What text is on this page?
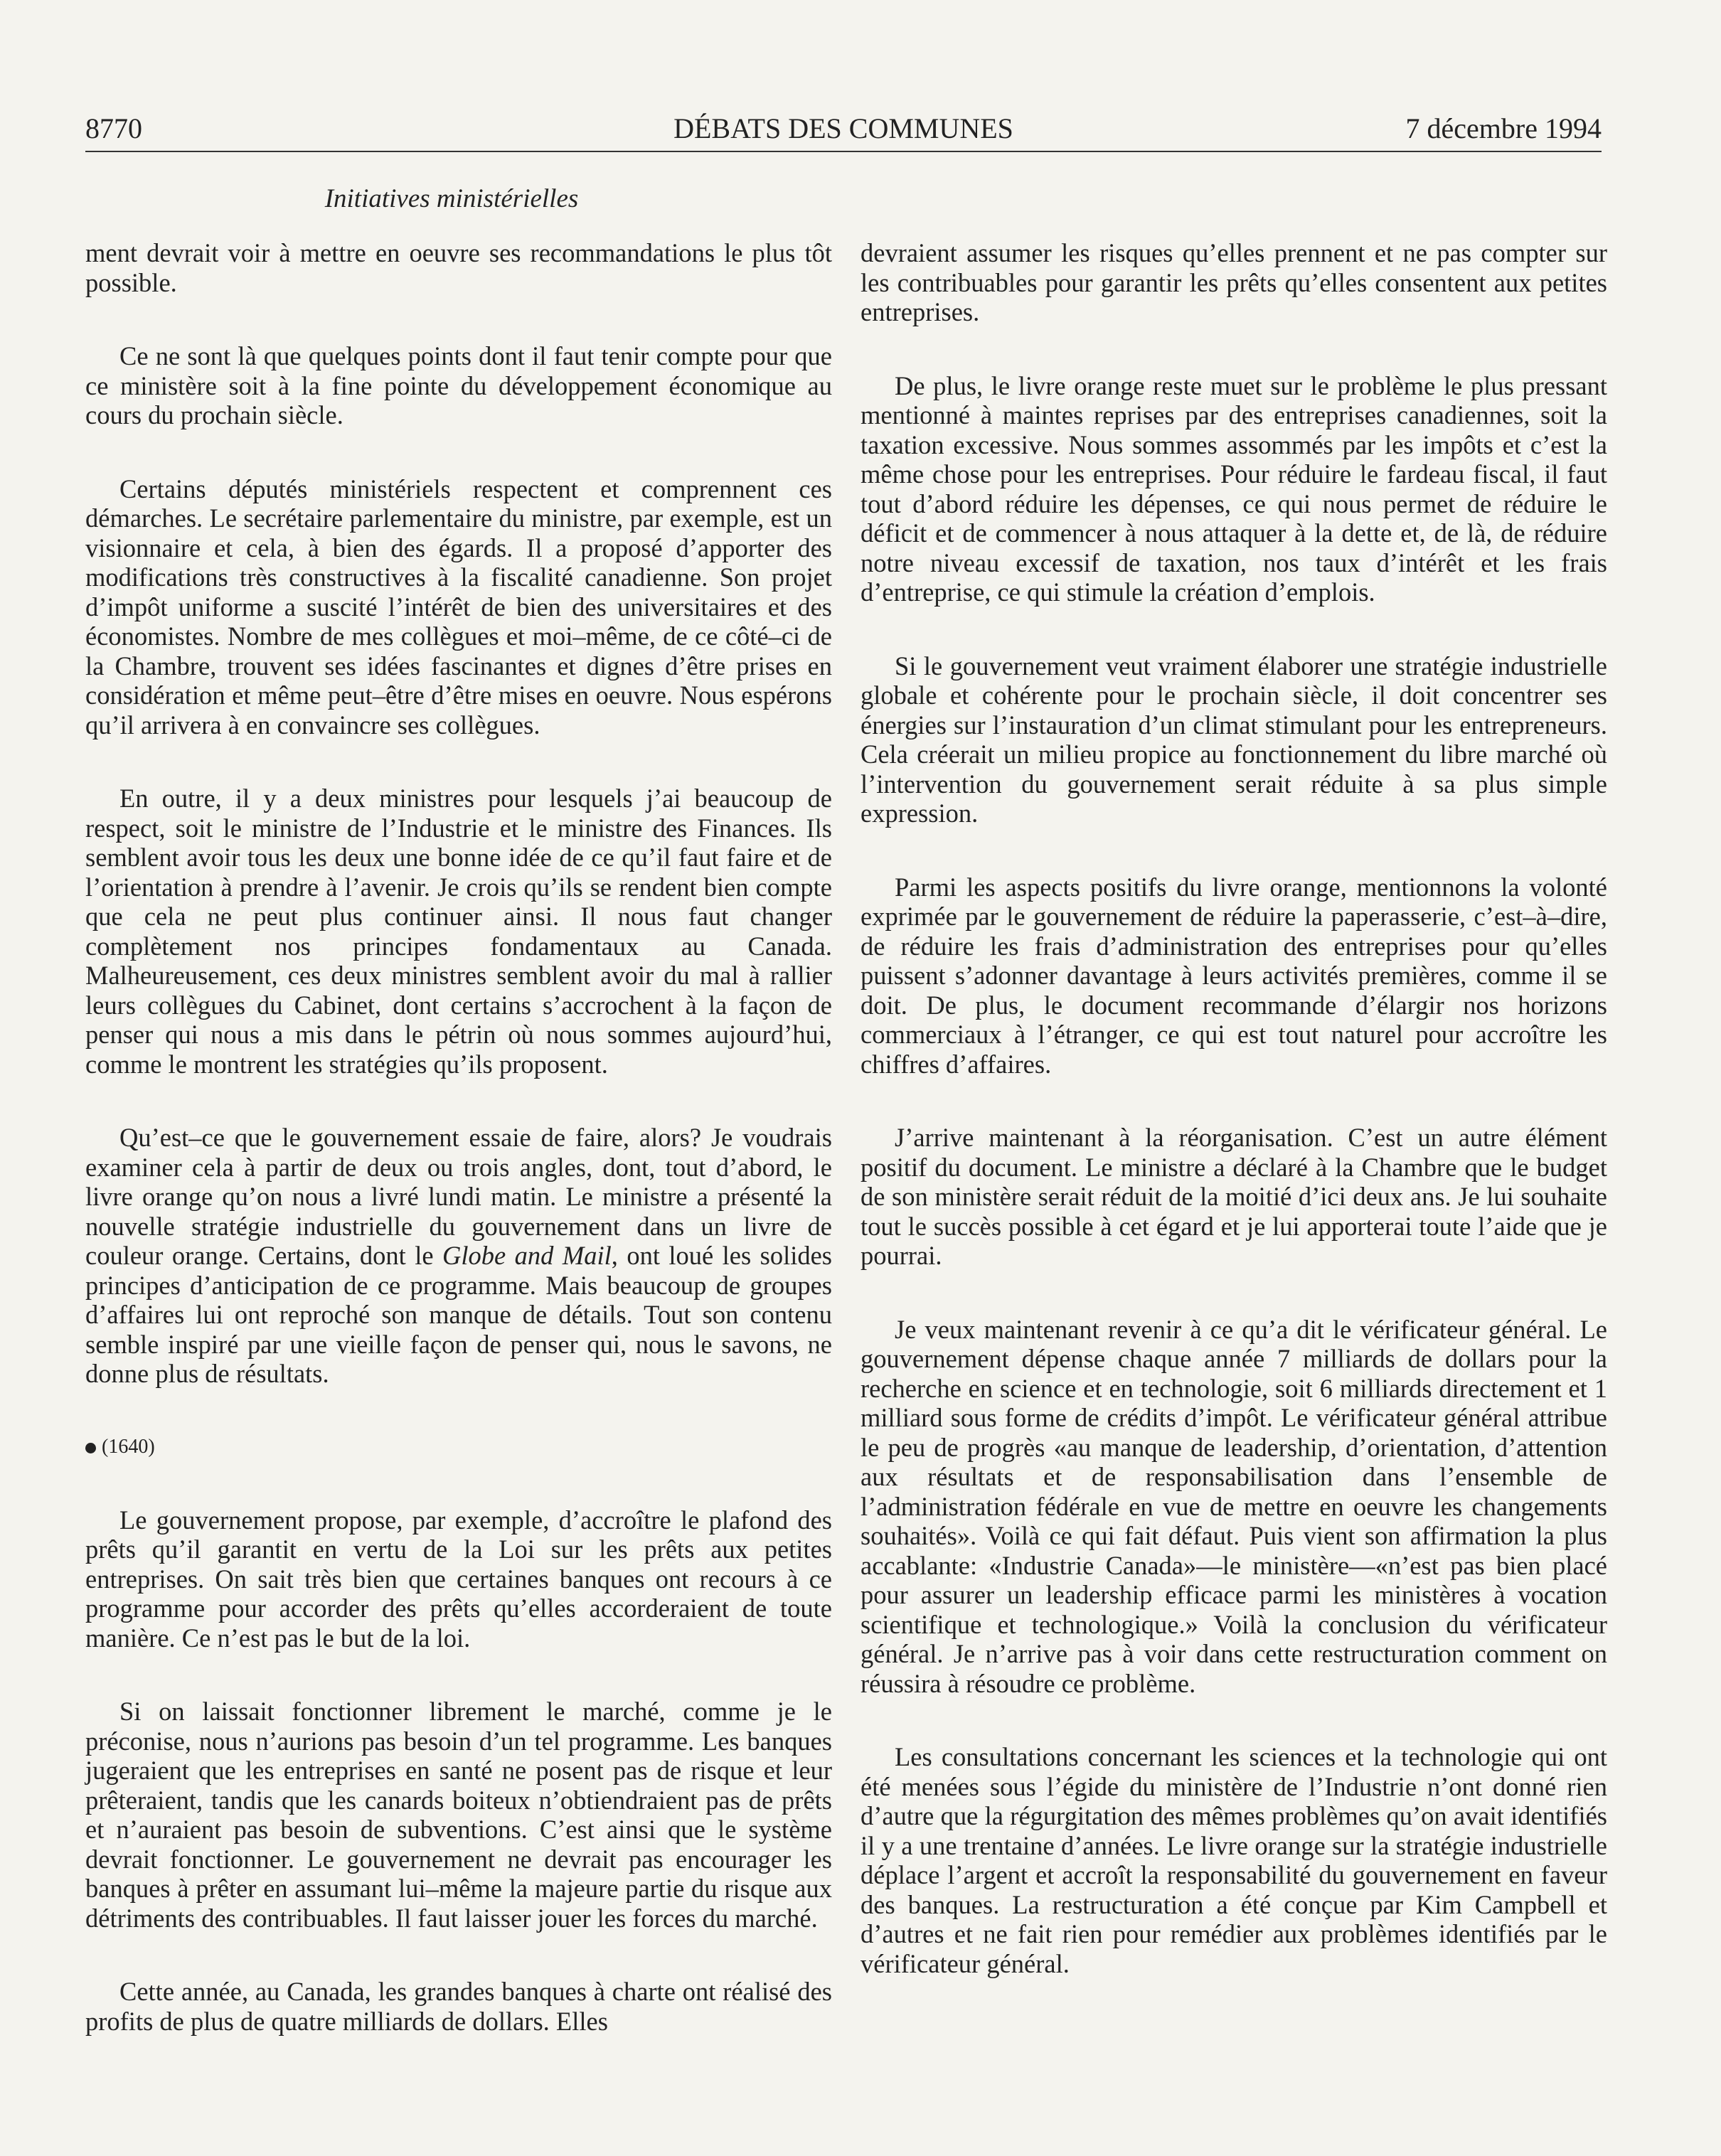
8770	DÉBATS DES COMMUNES	7 décembre 1994
Initiatives ministérielles

ment devrait voir à mettre en oeuvre ses recommandations le plus tôt possible.

Ce ne sont là que quelques points dont il faut tenir compte pour que ce ministère soit à la fine pointe du développement économique au cours du prochain siècle.

Certains députés ministériels respectent et comprennent ces démarches. Le secrétaire parlementaire du ministre, par exemple, est un visionnaire et cela, à bien des égards. Il a proposé d’apporter des modifications très constructives à la fiscalité canadienne. Son projet d’impôt uniforme a suscité l’intérêt de bien des universitaires et des économistes. Nombre de mes collègues et moi–même, de ce côté–ci de la Chambre, trouvent ses idées fascinantes et dignes d’être prises en considération et même peut–être d’être mises en oeuvre. Nous espérons qu’il arrivera à en convaincre ses collègues.

En outre, il y a deux ministres pour lesquels j’ai beaucoup de respect, soit le ministre de l’Industrie et le ministre des Finances. Ils semblent avoir tous les deux une bonne idée de ce qu’il faut faire et de l’orientation à prendre à l’avenir. Je crois qu’ils se rendent bien compte que cela ne peut plus continuer ainsi. Il nous faut changer complètement nos principes fondamentaux au Canada. Malheureusement, ces deux ministres semblent avoir du mal à rallier leurs collègues du Cabinet, dont certains s’accrochent à la façon de penser qui nous a mis dans le pétrin où nous sommes aujourd’hui, comme le montrent les stratégies qu’ils proposent.

Qu’est–ce que le gouvernement essaie de faire, alors? Je voudrais examiner cela à partir de deux ou trois angles, dont, tout d’abord, le livre orange qu’on nous a livré lundi matin. Le ministre a présenté la nouvelle stratégie industrielle du gouvernement dans un livre de couleur orange. Certains, dont le Globe and Mail, ont loué les solides principes d’anticipation de ce programme. Mais beaucoup de groupes d’affaires lui ont reproché son manque de détails. Tout son contenu semble inspiré par une vieille façon de penser qui, nous le savons, ne donne plus de résultats.

(1640)

Le gouvernement propose, par exemple, d’accroître le plafond des prêts qu’il garantit en vertu de la Loi sur les prêts aux petites entreprises. On sait très bien que certaines banques ont recours à ce programme pour accorder des prêts qu’elles accorderaient de toute manière. Ce n’est pas le but de la loi.

Si on laissait fonctionner librement le marché, comme je le préconise, nous n’aurions pas besoin d’un tel programme. Les banques jugeraient que les entreprises en santé ne posent pas de risque et leur prêteraient, tandis que les canards boiteux n’obtiendraient pas de prêts et n’auraient pas besoin de subventions. C’est ainsi que le système devrait fonctionner. Le gouvernement ne devrait pas encourager les banques à prêter en assumant lui–même la majeure partie du risque aux détriments des contribuables. Il faut laisser jouer les forces du marché.

Cette année, au Canada, les grandes banques à charte ont réalisé des profits de plus de quatre milliards de dollars. Elles

devraient assumer les risques qu’elles prennent et ne pas compter sur les contribuables pour garantir les prêts qu’elles consentent aux petites entreprises.

De plus, le livre orange reste muet sur le problème le plus pressant mentionné à maintes reprises par des entreprises canadiennes, soit la taxation excessive. Nous sommes assommés par les impôts et c’est la même chose pour les entreprises. Pour réduire le fardeau fiscal, il faut tout d’abord réduire les dépenses, ce qui nous permet de réduire le déficit et de commencer à nous attaquer à la dette et, de là, de réduire notre niveau excessif de taxation, nos taux d’intérêt et les frais d’entreprise, ce qui stimule la création d’emplois.

Si le gouvernement veut vraiment élaborer une stratégie industrielle globale et cohérente pour le prochain siècle, il doit concentrer ses énergies sur l’instauration d’un climat stimulant pour les entrepreneurs. Cela créerait un milieu propice au fonctionnement du libre marché où l’intervention du gouvernement serait réduite à sa plus simple expression.

Parmi les aspects positifs du livre orange, mentionnons la volonté exprimée par le gouvernement de réduire la paperasserie, c’est–à–dire, de réduire les frais d’administration des entreprises pour qu’elles puissent s’adonner davantage à leurs activités premières, comme il se doit. De plus, le document recommande d’élargir nos horizons commerciaux à l’étranger, ce qui est tout naturel pour accroître les chiffres d’affaires.

J’arrive maintenant à la réorganisation. C’est un autre élément positif du document. Le ministre a déclaré à la Chambre que le budget de son ministère serait réduit de la moitié d’ici deux ans. Je lui souhaite tout le succès possible à cet égard et je lui apporterai toute l’aide que je pourrai.

Je veux maintenant revenir à ce qu’a dit le vérificateur général. Le gouvernement dépense chaque année 7 milliards de dollars pour la recherche en science et en technologie, soit 6 milliards directement et 1 milliard sous forme de crédits d’impôt. Le vérificateur général attribue le peu de progrès «au manque de leadership, d’orientation, d’attention aux résultats et de responsabilisation dans l’ensemble de l’administration fédérale en vue de mettre en oeuvre les changements souhaités». Voilà ce qui fait défaut. Puis vient son affirmation la plus accablante: «Industrie Canada»—le ministère—«n’est pas bien placé pour assurer un leadership efficace parmi les ministères à vocation scientifique et technologique.» Voilà la conclusion du vérificateur général. Je n’arrive pas à voir dans cette restructuration comment on réussira à résoudre ce problème.

Les consultations concernant les sciences et la technologie qui ont été menées sous l’égide du ministère de l’Industrie n’ont donné rien d’autre que la régurgitation des mêmes problèmes qu’on avait identifiés il y a une trentaine d’années. Le livre orange sur la stratégie industrielle déplace l’argent et accroît la responsabilité du gouvernement en faveur des banques. La restructuration a été conçue par Kim Campbell et d’autres et ne fait rien pour remédier aux problèmes identifiés par le vérificateur général.
